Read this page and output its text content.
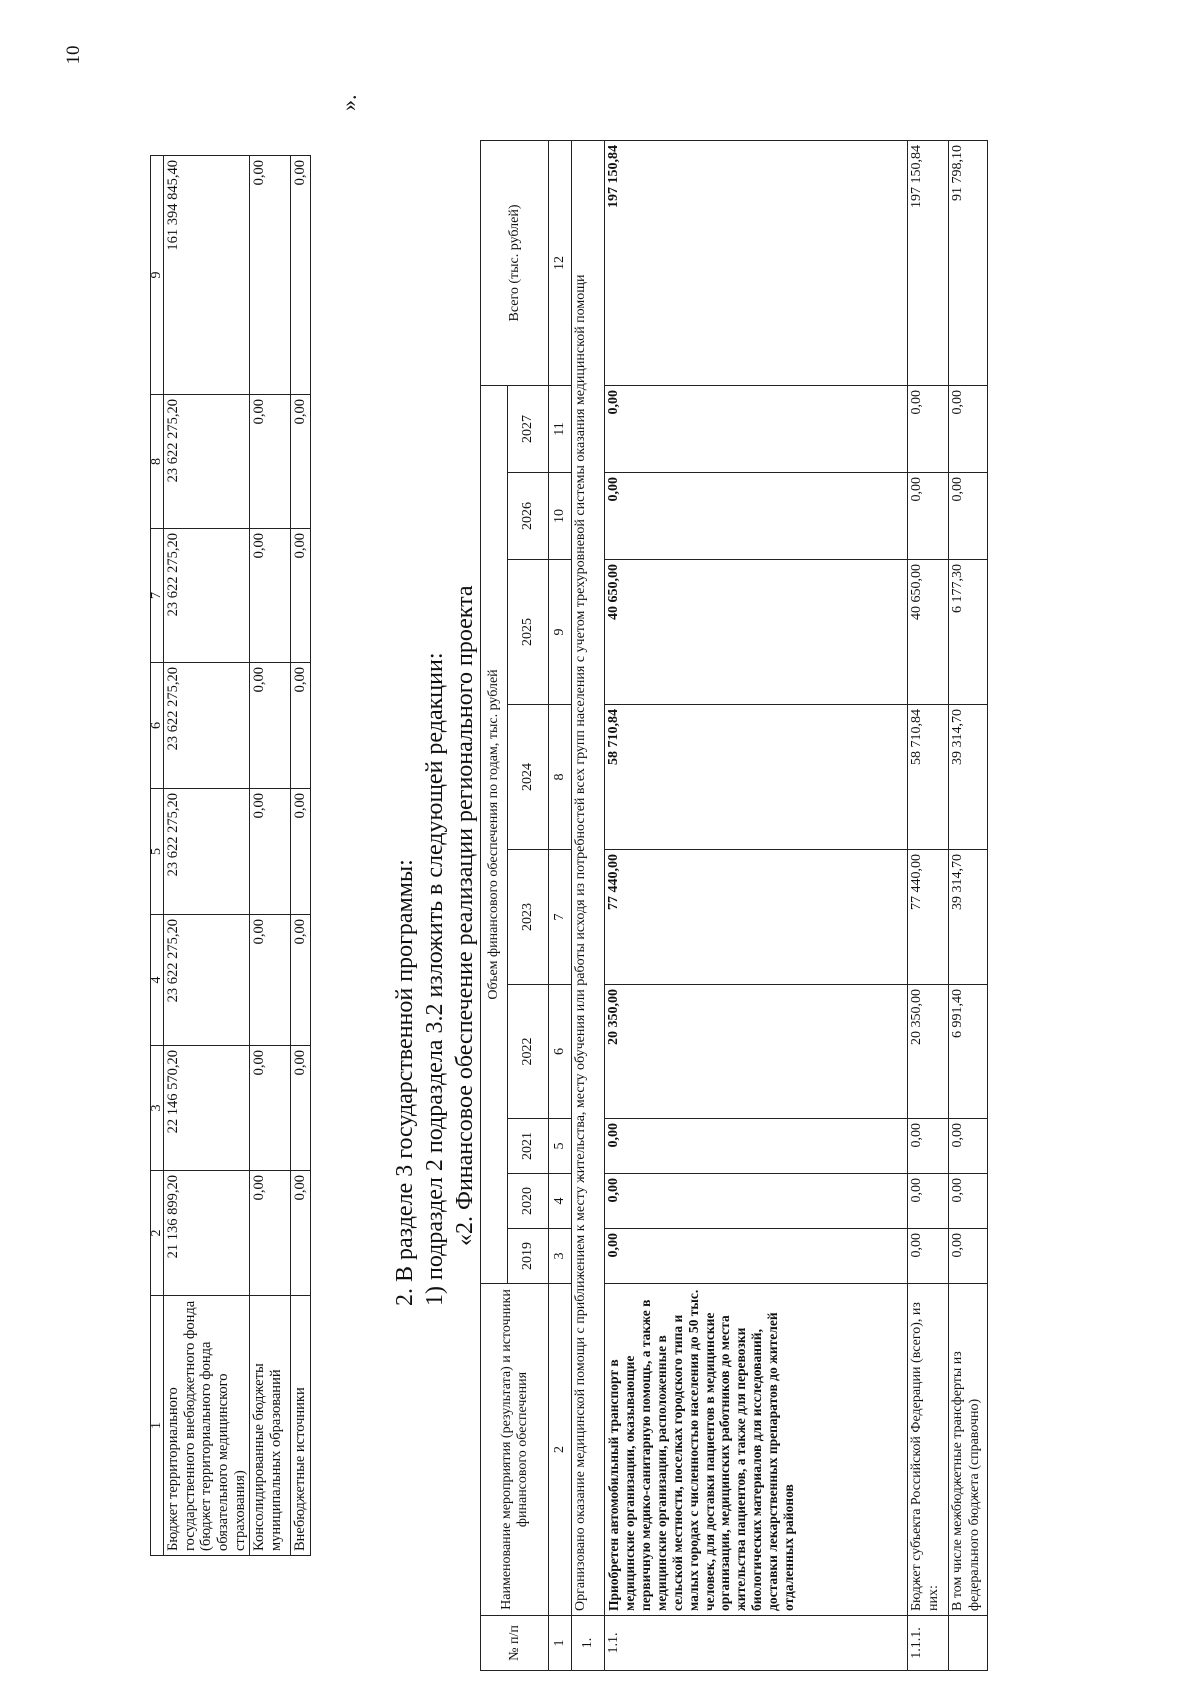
10
1	2	3	4	5	6	7	8	9
Бюджет территориального государственного внебюджетного фонда (бюджет территориального фонда обязательного медицинского страхования)	21 136 899,20	22 146 570,20	23 622 275,20	23 622 275,20	23 622 275,20	23 622 275,20	23 622 275,20	161 394 845,40
Консолидированные бюджеты муниципальных образований	0,00	0,00	0,00	0,00	0,00	0,00	0,00	0,00
Внебюджетные источники	0,00	0,00	0,00	0,00	0,00	0,00	0,00	0,00
».
2. В разделе 3 государственной программы: 1) подраздел 2 подраздела 3.2 изложить в следующей редакции: «2. Финансовое обеспечение реализации регионального проекта
№ п/п	Наименование мероприятия (результата) и источники финансового обеспечения	Объем финансового обеспечения по годам, тыс. рублей									Всего (тыс. рублей)	
		2019	2020	2021	2022	2023	2024	2025	2026	2027		
1	2	3	4	5	6	7	8	9	10	11	12	
1.	Организовано оказание медицинской помощи с приближением к месту жительства, месту обучения или работы исходя из потребностей всех групп населения с учетом трехуровневой системы оказания медицинской помощи											
1.1.	Приобретен автомобильный транспорт в медицинские организации, оказывающие первичную медико-санитарную помощь, а также в медицинские организации, расположенные в сельской местности, поселках городского типа и малых городах с численностью населения до 50 тыс. человек, для доставки пациентов в медицинские организации, медицинских работников до места жительства пациентов, а также для перевозки биологических материалов для исследований, доставки лекарственных препаратов до жителей отдаленных районов	0,00	0,00	0,00	20 350,00	77 440,00	58 710,84	40 650,00	0,00	0,00	197 150,84	
1.1.1.	Бюджет субъекта Российской Федерации (всего), из них:	0,00	0,00	0,00	20 350,00	77 440,00	58 710,84	40 650,00	0,00	0,00	197 150,84	
	В том числе межбюджетные трансферты из федерального бюджета (справочно)	0,00	0,00	0,00	6 991,40	39 314,70	39 314,70	6 177,30	0,00	0,00	91 798,10	
